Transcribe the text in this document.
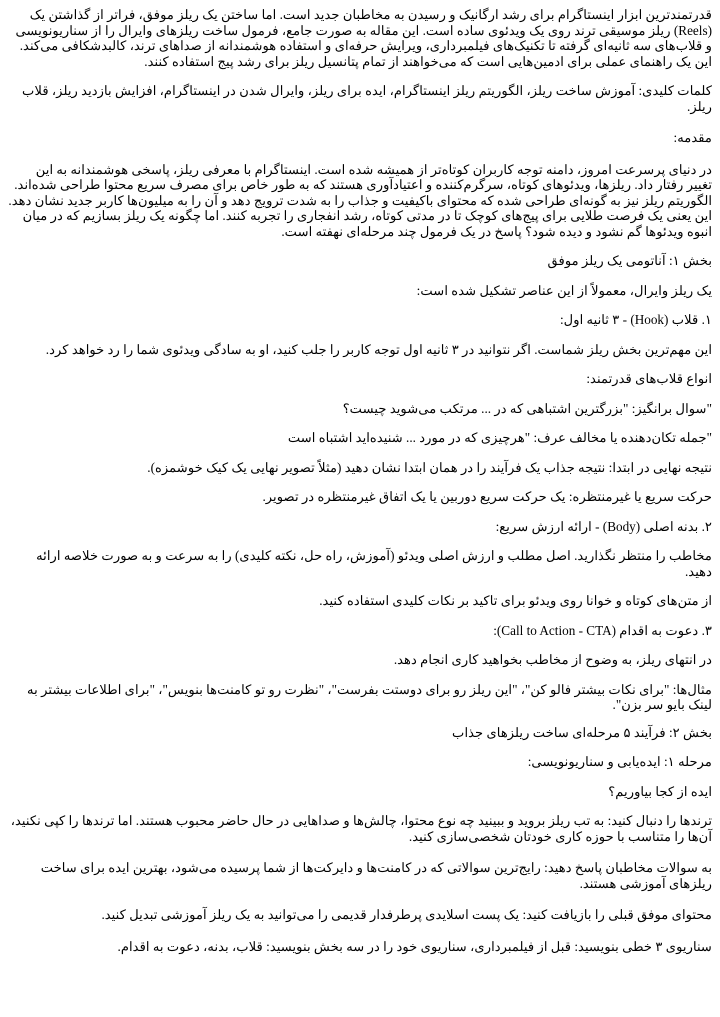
قدرتمندترین ابزار اینستاگرام برای رشد ارگانیک و رسیدن به مخاطبان جدید است. اما ساختن یک ریلز موفق، فراتر از گذاشتن یک (Reels) ریلز موسیقی ترند روی یک ویدئوی ساده است. این مقاله به صورت جامع، فرمول ساخت ریلزهای وایرال را از سناریونویسی و قلاب‌های سه ثانیه‌ای گرفته تا تکنیک‌های فیلمبرداری، ویرایش حرفه‌ای و استفاده هوشمندانه از صداهای ترند، کالبدشکافی می‌کند. این یک راهنمای عملی برای ادمین‌هایی است که می‌خواهند از تمام پتانسیل ریلز برای رشد پیج استفاده کنند.
کلمات کلیدی: آموزش ساخت ریلز، الگوریتم ریلز اینستاگرام، ایده برای ریلز، وایرال شدن در اینستاگرام، افزایش بازدید ریلز، قلاب ریلز.
مقدمه:
در دنیای پرسرعت امروز، دامنه توجه کاربران کوتاه‌تر از همیشه شده است. اینستاگرام با معرفی ریلز، پاسخی هوشمندانه به این تغییر رفتار داد. ریلزها، ویدئوهای کوتاه، سرگرم‌کننده و اعتیادآوری هستند که به طور خاص برای مصرف سریع محتوا طراحی شده‌اند. الگوریتم ریلز نیز به گونه‌ای طراحی شده که محتوای باکیفیت و جذاب را به شدت ترویج دهد و آن را به میلیون‌ها کاربر جدید نشان دهد. این یعنی یک فرصت طلایی برای پیج‌های کوچک تا در مدتی کوتاه، رشد انفجاری را تجربه کنند. اما چگونه یک ریلز بسازیم که در میان انبوه ویدئوها گم نشود و دیده شود؟ پاسخ در یک فرمول چند مرحله‌ای نهفته است.
بخش ۱: آناتومی یک ریلز موفق
یک ریلز وایرال، معمولاً از این عناصر تشکیل شده است:
۱. قلاب (Hook) - ۳ ثانیه اول:
این مهم‌ترین بخش ریلز شماست. اگر نتوانید در ۳ ثانیه اول توجه کاربر را جلب کنید، او به سادگی ویدئوی شما را رد خواهد کرد.
انواع قلاب‌های قدرتمند:
"سوال برانگیز: "بزرگترین اشتباهی که در ... مرتکب می‌شوید چیست؟
"جمله تکان‌دهنده یا مخالف عرف: "هرچیزی که در مورد ... شنیده‌اید اشتباه است
نتیجه نهایی در ابتدا: نتیجه جذاب یک فرآیند را در همان ابتدا نشان دهید (مثلاً تصویر نهایی یک کیک خوشمزه).
حرکت سریع یا غیرمنتظره: یک حرکت سریع دوربین یا یک اتفاق غیرمنتظره در تصویر.
۲. بدنه اصلی (Body) - ارائه ارزش سریع:
مخاطب را منتظر نگذارید. اصل مطلب و ارزش اصلی ویدئو (آموزش، راه حل، نکته کلیدی) را به سرعت و به صورت خلاصه ارائه دهید.
از متن‌های کوتاه و خوانا روی ویدئو برای تاکید بر نکات کلیدی استفاده کنید.
۳. دعوت به اقدام (Call to Action - CTA):
در انتهای ریلز، به وضوح از مخاطب بخواهید کاری انجام دهد.
مثال‌ها: "برای نکات بیشتر فالو کن"، "این ریلز رو برای دوستت بفرست"، "نظرت رو تو کامنت‌ها بنویس"، "برای اطلاعات بیشتر به لینک بایو سر بزن".
بخش ۲: فرآیند ۵ مرحله‌ای ساخت ریلزهای جذاب
مرحله ۱: ایده‌یابی و سناریونویسی:
ایده از کجا بیاوریم؟
ترندها را دنبال کنید: به تب ریلز بروید و ببینید چه نوع محتوا، چالش‌ها و صداهایی در حال حاضر محبوب هستند. اما ترندها را کپی نکنید، آن‌ها را متناسب با حوزه کاری خودتان شخصی‌سازی کنید.
به سوالات مخاطبان پاسخ دهید: رایج‌ترین سوالاتی که در کامنت‌ها و دایرکت‌ها از شما پرسیده می‌شود، بهترین ایده برای ساخت ریلزهای آموزشی هستند.
محتوای موفق قبلی را بازیافت کنید: یک پست اسلایدی پرطرفدار قدیمی را می‌توانید به یک ریلز آموزشی تبدیل کنید.
سناریوی ۳ خطی بنویسید: قبل از فیلمبرداری، سناریوی خود را در سه بخش بنویسید: قلاب، بدنه، دعوت به اقدام.
